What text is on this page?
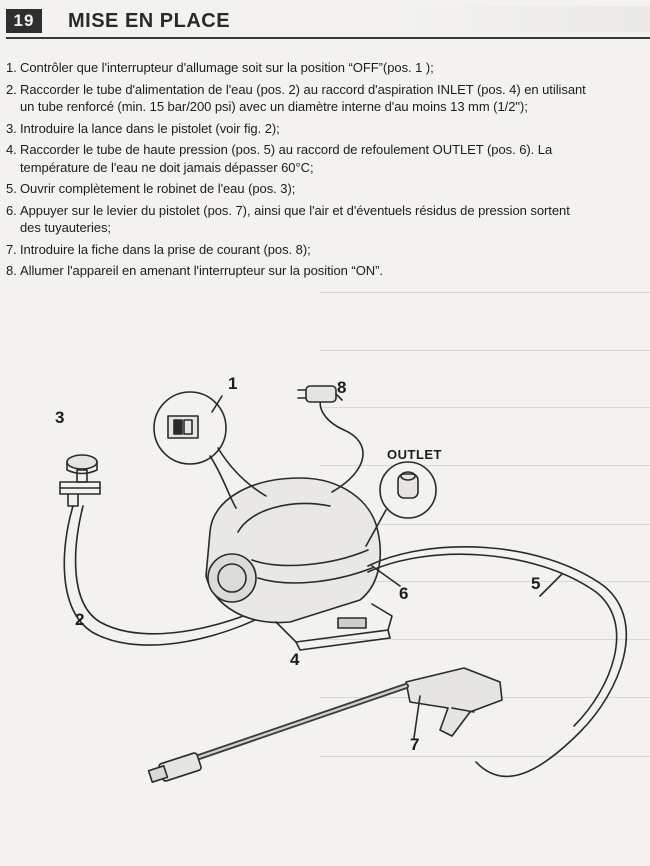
19	MISE EN PLACE
1. Contrôler que l'interrupteur d'allumage soit sur la position “OFF”(pos. 1 );
2. Raccorder le tube d'alimentation de l'eau (pos. 2) au raccord d'aspiration INLET (pos. 4) en utilisant
un tube renforcé (min. 15 bar/200 psi) avec un diamètre interne d'au moins 13 mm (1/2");
3. Introduire la lance dans le pistolet (voir fig. 2);
4. Raccorder le tube de haute pression (pos. 5) au raccord de refoulement OUTLET (pos. 6). La
température de l'eau ne doit jamais dépasser 60°C;
5. Ouvrir complètement le robinet de l'eau (pos. 3);
6. Appuyer sur le levier du pistolet (pos. 7), ainsi que l'air et d'éventuels résidus de pression sortent
des tuyauteries;
7. Introduire la fiche dans la prise de courant (pos. 8);
8. Allumer l'appareil en amenant l'interrupteur sur la position “ON”.
1	8
3
2
4
6
5
7
OUTLET
